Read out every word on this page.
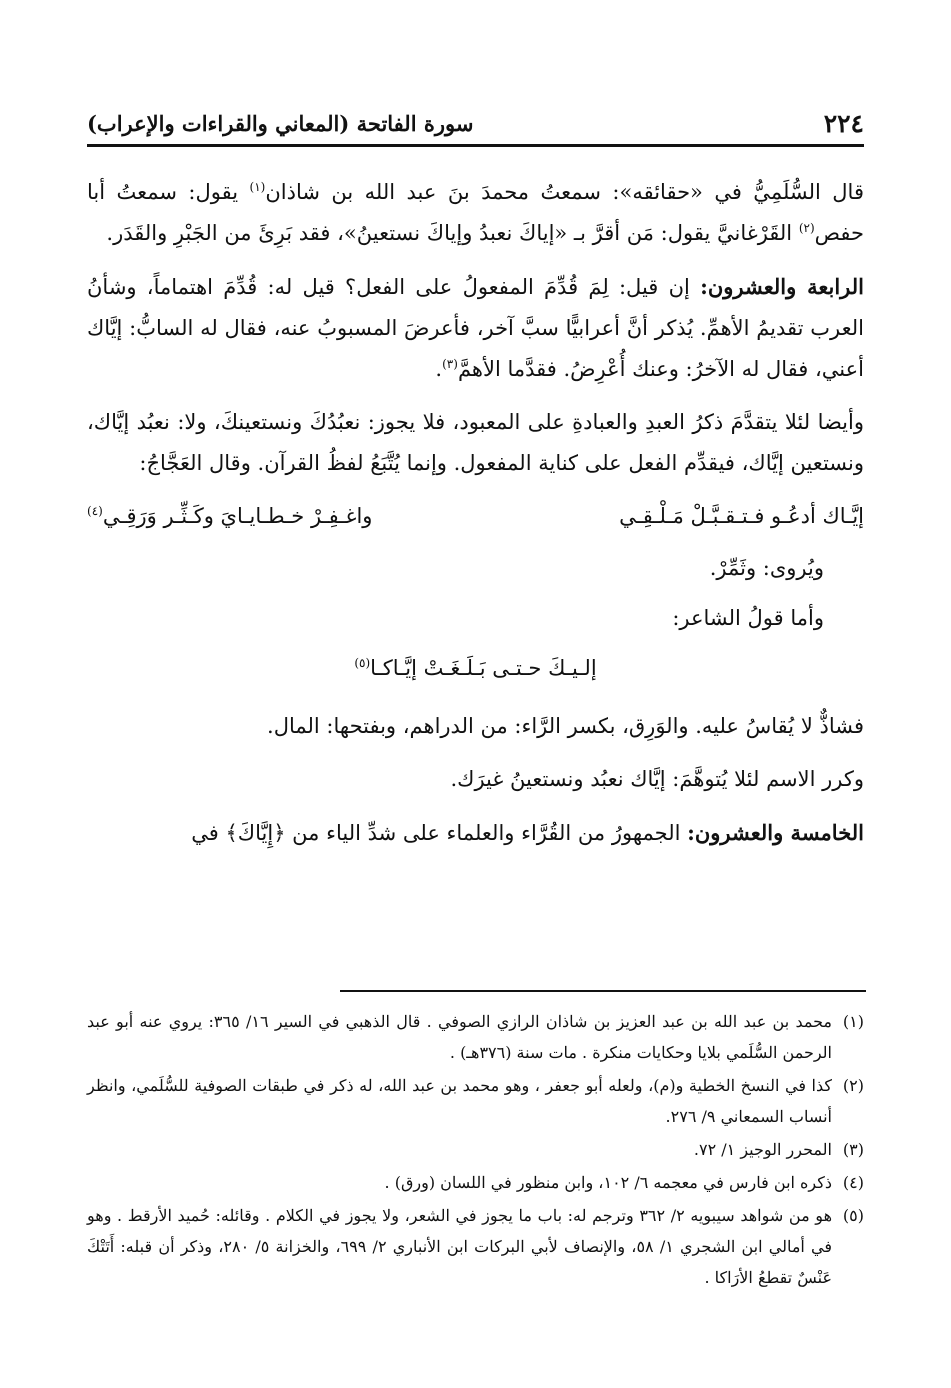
٢٢٤
سورة الفاتحة (المعاني والقراءات والإعراب)

قال السُّلَمِيُّ في «حقائقه»: سمعتُ محمدَ بنَ عبد الله بن شاذان$^{(١)}$ يقول: سمعتُ أبا حفص$^{(٢)}$ القَرْغانيَّ يقول: مَن أقرَّ بـ «إياكَ نعبدُ وإياكَ نستعينُ»، فقد بَرِئَ من الجَبْرِ والقَدَر.

الرابعة والعشرون: إن قيل: لِمَ قُدِّمَ المفعولُ على الفعل؟ قيل له: قُدِّمَ اهتماماً، وشأنُ العرب تقديمُ الأهمِّ. يُذكر أنَّ أعرابيًّا سبَّ آخر، فأعرضَ المسبوبُ عنه، فقال له السابُّ: إيَّاك أعني، فقال له الآخرُ: وعنك أُعْرِضُ. فقدَّما الأهمَّ$^{(٣)}$.

وأيضا لئلا يتقدَّمَ ذكرُ العبدِ والعبادةِ على المعبود، فلا يجوز: نعبُدُكَ ونستعينكَ، ولا: نعبُد إيَّاك، ونستعين إيَّاك، فيقدِّم الفعل على كناية المفعول. وإنما يُتَّبَعُ لفظُ القرآن. وقال العَجَّاجُ:

إيَّـاك أدعُـو فـتـقـبَّـلْ مَـلْـقِـي
واغـفِـرْ خـطـايـايَ وكَـثِّـر وَرَقِـي$^{(٤)}$

ويُروى: وثَمِّرْ.

وأما قولُ الشاعر:

إلـيـكَ حـتـى بَـلَـغَـتْ إيَّـاكـا$^{(٥)}$

فشاذٌّ لا يُقاسُ عليه. والوَرِق، بكسر الرَّاء: من الدراهم، وبفتحها: المال.

وكرر الاسم لئلا يُتوهَّمَ: إيَّاك نعبُد ونستعينُ غيرَك.

الخامسة والعشرون: الجمهورُ من القُرَّاء والعلماء على شدِّ الياء من ﴿إِيَّاكَ﴾ في

(١)
محمد بن عبد الله بن عبد العزيز بن شاذان الرازي الصوفي . قال الذهبي في السير ١٦/ ٣٦٥: يروي عنه أبو عبد الرحمن السُّلَمي بلايا وحكايات منكرة . مات سنة (٣٧٦هـ) .
(٢)
كذا في النسخ الخطية و(م)، ولعله أبو جعفر ، وهو محمد بن عبد الله، له ذكر في طبقات الصوفية للسُّلَمي، وانظر أنساب السمعاني ٩/ ٢٧٦.
(٣)
المحرر الوجيز ١/ ٧٢.
(٤)
ذكره ابن فارس في معجمه ٦/ ١٠٢، وابن منظور في اللسان (ورق) .
(٥)
هو من شواهد سيبويه ٢/ ٣٦٢ وترجم له: باب ما يجوز في الشعر، ولا يجوز في الكلام . وقائله: حُميد الأرقط . وهو في أمالي ابن الشجري ١/ ٥٨، والإنصاف لأبي البركات ابن الأنباري ٢/ ٦٩٩، والخزانة ٥/ ٢٨٠، وذكر أن قبله: أَتَتْكَ عَنْسٌ تقطعُ الأرَاكا .
